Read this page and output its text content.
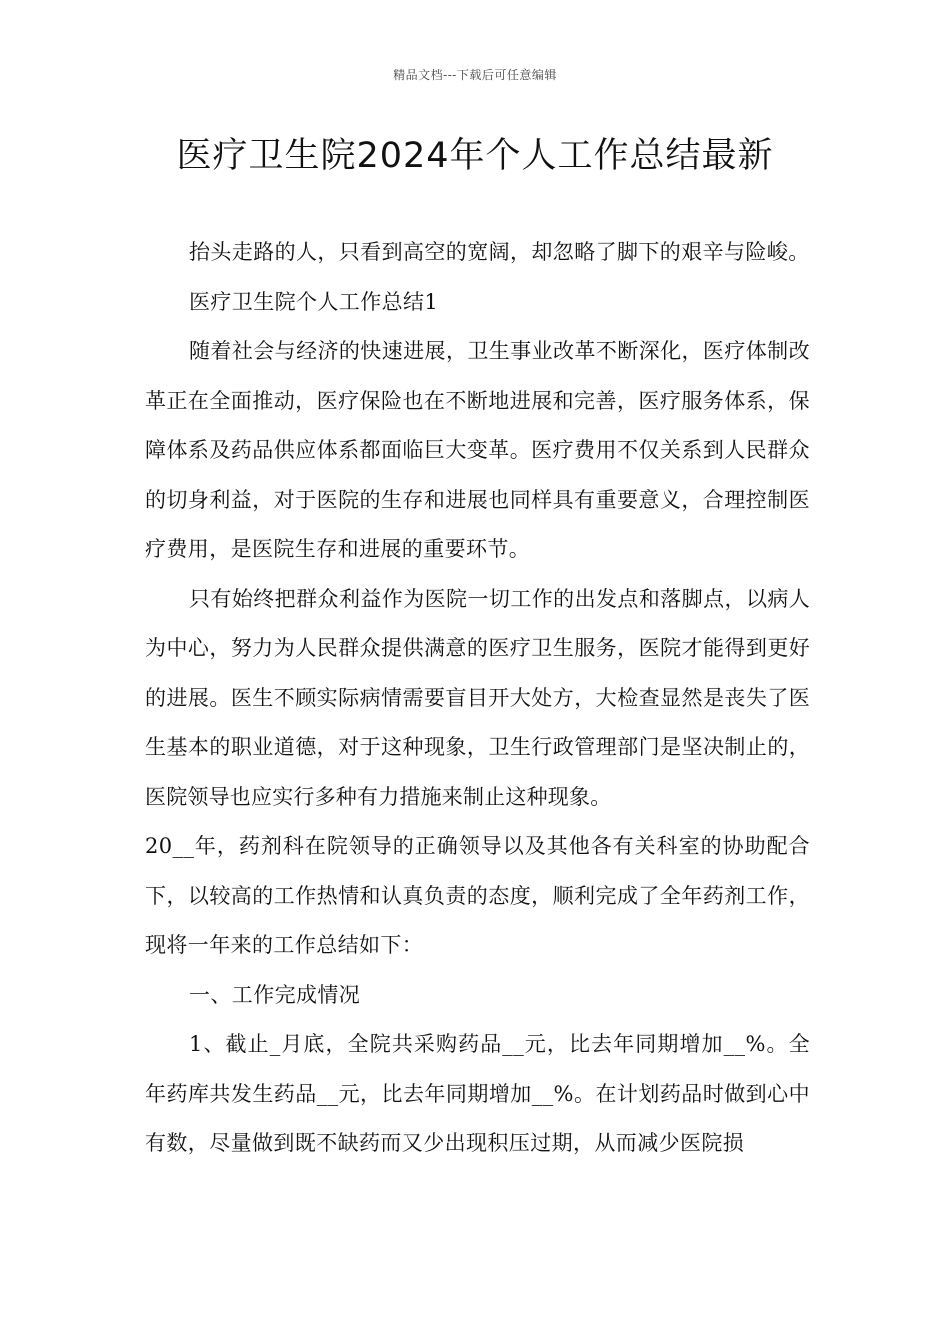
精品文档---下载后可任意编辑
医疗卫生院2024年个人工作总结最新

抬头走路的人，只看到高空的宽阔，却忽略了脚下的艰辛与险峻。

医疗卫生院个人工作总结1

随着社会与经济的快速进展，卫生事业改革不断深化，医疗体制改革正在全面推动，医疗保险也在不断地进展和完善，医疗服务体系，保障体系及药品供应体系都面临巨大变革。医疗费用不仅关系到人民群众的切身利益，对于医院的生存和进展也同样具有重要意义，合理控制医疗费用，是医院生存和进展的重要环节。

只有始终把群众利益作为医院一切工作的出发点和落脚点，以病人为中心，努力为人民群众提供满意的医疗卫生服务，医院才能得到更好的进展。医生不顾实际病情需要盲目开大处方，大检查显然是丧失了医生基本的职业道德，对于这种现象，卫生行政管理部门是坚决制止的，医院领导也应实行多种有力措施来制止这种现象。

20__年，药剂科在院领导的正确领导以及其他各有关科室的协助配合下，以较高的工作热情和认真负责的态度，顺利完成了全年药剂工作，现将一年来的工作总结如下：

一、工作完成情况

1、截止_月底，全院共采购药品__元，比去年同期增加__%。全年药库共发生药品__元，比去年同期增加__%。在计划药品时做到心中有数，尽量做到既不缺药而又少出现积压过期，从而减少医院损
